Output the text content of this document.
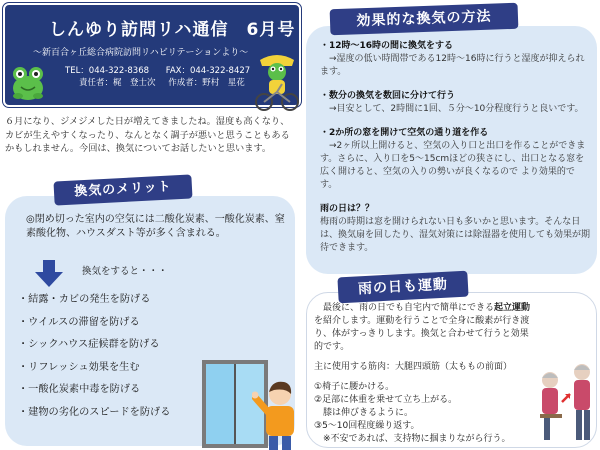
しんゆり訪問リハ通信　6月号
～新百合ヶ丘総合病院訪問リハビリテーションより～
TEL：044-322-8368 FAX：044-322-8427
責任者：梶　登士次 作成者：野村　星花
６月になり、ジメジメした日が増えてきましたね。湿度も高くなり、カビが生えやすくなったり、なんとなく調子が悪いと思うこともあるかもしれません。今回は、換気についてお話したいと思います。
換気のメリット
◎閉め切った室内の空気には二酸化炭素、一酸化炭素、窒素酸化物、ハウスダスト等が多く含まれる。
換気をすると・・・
・結露・カビの発生を防げる
・ウイルスの滞留を防げる
・シックハウス症候群を防げる
・リフレッシュ効果を生む
・一酸化炭素中毒を防げる
・建物の劣化のスピードを防げる
効果的な換気の方法
・12時～16時の間に換気をする
　→湿度の低い時間帯である12時～16時に行うと湿度が抑えられます。
・数分の換気を数回に分けて行う
　→目安として、2時間に1回、５分～10分程度行うと良いです。
・2か所の窓を開けて空気の通り道を作る
　→2ヶ所以上開けると、空気の入り口と出口を作ることができます。さらに、入り口を5～15cmほどの狭さにし、出口となる窓を広く開けると、空気の入りの勢いが良くなるので より効果的です。
雨の日は？？
梅雨の時期は窓を開けられない日も多いかと思います。そんな日は、換気扇を回したり、湿気対策には除湿器を使用しても効果が期待できます。
雨の日も運動
　最後に、雨の日でも自宅内で簡単にできる起立運動を紹介します。運動を行うことで全身に酸素が行き渡り、体がすっきりします。換気と合わせて行うと効果的です。
主に使用する筋肉：大腿四頭筋（太ももの前面）
①椅子に腰かける。
②足部に体重を乗せて立ち上がる。
　膝は伸びきるように。
③5～10回程度繰り返す。
　※不安であれば、支持物に掴まりながら行う。
